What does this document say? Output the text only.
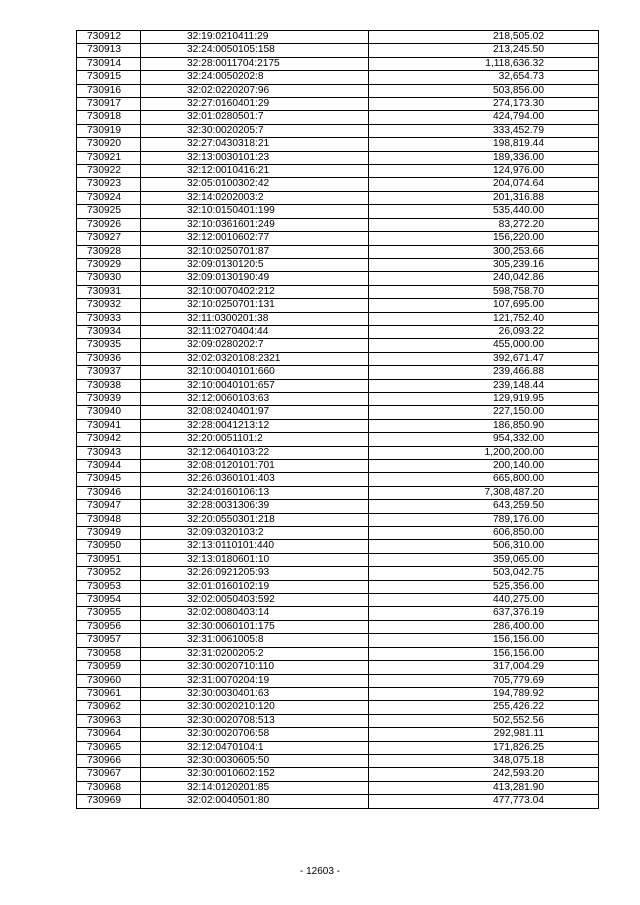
730912	32:19:0210411:29	218,505.02
730913	32:24:0050105:158	213,245.50
730914	32:28:0011704:2175	1,118,636.32
730915	32:24:0050202:8	32,654.73
730916	32:02:0220207:96	503,856.00
730917	32:27:0160401:29	274,173.30
730918	32:01:0280501:7	424,794.00
730919	32:30:0020205:7	333,452.79
730920	32:27:0430318:21	198,819.44
730921	32:13:0030101:23	189,336.00
730922	32:12:0010416:21	124,976.00
730923	32:05:0100302:42	204,074.64
730924	32:14:0202003:2	201,316.88
730925	32:10:0150401:199	535,440.00
730926	32:10:0361601:249	83,272.20
730927	32:12:0010602:77	156,220.00
730928	32:10:0250701:87	300,253.66
730929	32:09:0130120:5	305,239.16
730930	32:09:0130190:49	240,042.86
730931	32:10:0070402:212	598,758.70
730932	32:10:0250701:131	107,695.00
730933	32:11:0300201:38	121,752.40
730934	32:11:0270404:44	26,093.22
730935	32:09:0280202:7	455,000.00
730936	32:02:0320108:2321	392,671.47
730937	32:10:0040101:660	239,466.88
730938	32:10:0040101:657	239,148.44
730939	32:12:0060103:63	129,919.95
730940	32:08:0240401:97	227,150.00
730941	32:28:0041213:12	186,850.90
730942	32:20:0051101:2	954,332.00
730943	32:12:0640103:22	1,200,200.00
730944	32:08:0120101:701	200,140.00
730945	32:26:0360101:403	665,800.00
730946	32:24:0160106:13	7,308,487.20
730947	32:28:0031306:39	643,259.50
730948	32:20:0550301:218	789,176.00
730949	32:09:0320103:2	606,850.00
730950	32:13:0110101:440	506,310.00
730951	32:13:0180601:10	359,065.00
730952	32:26:0921205:93	503,042.75
730953	32:01:0160102:19	525,356.00
730954	32:02:0050403:592	440,275.00
730955	32:02:0080403:14	637,376.19
730956	32:30:0060101:175	286,400.00
730957	32:31:0061005:8	156,156.00
730958	32:31:0200205:2	156,156.00
730959	32:30:0020710:110	317,004.29
730960	32:31:0070204:19	705,779.69
730961	32:30:0030401:63	194,789.92
730962	32:30:0020210:120	255,426.22
730963	32:30:0020708:513	502,552.56
730964	32:30:0020706:58	292,981.11
730965	32:12:0470104:1	171,826.25
730966	32:30:0030605:50	348,075.18
730967	32:30:0010602:152	242,593.20
730968	32:14:0120201:85	413,281.90
730969	32:02:0040501:80	477,773.04
- 12603 -
